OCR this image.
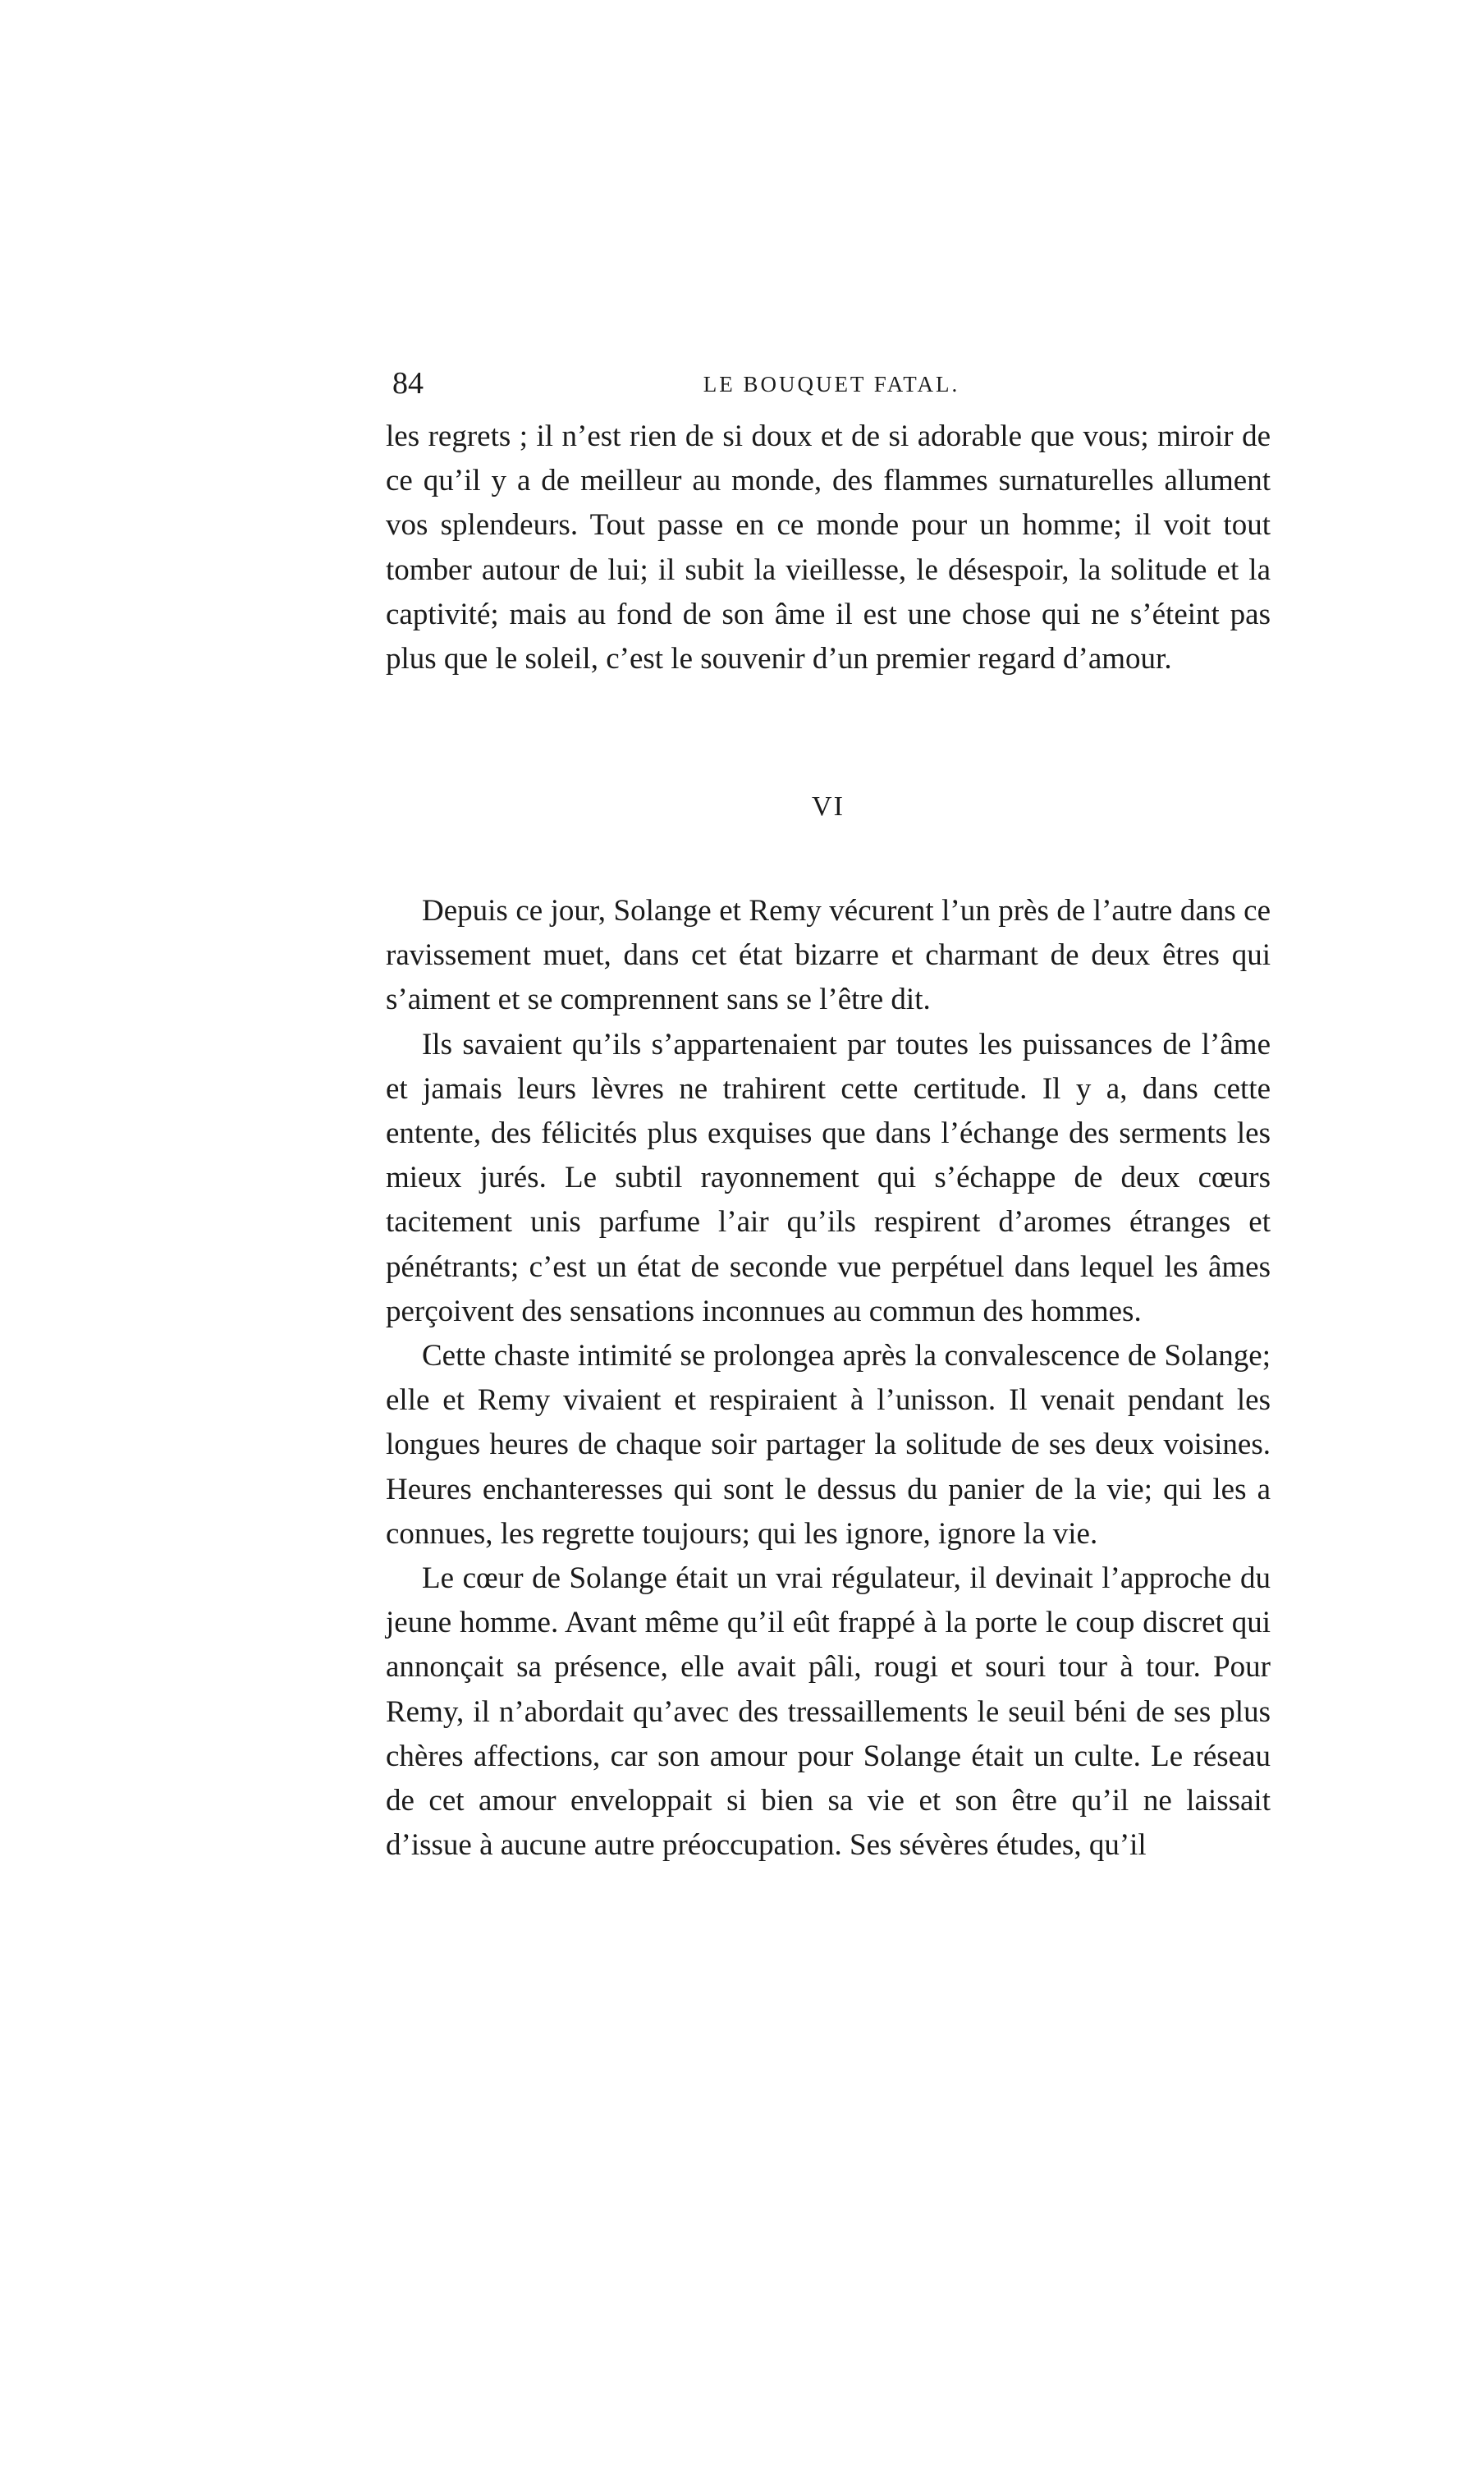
84	LE BOUQUET FATAL.

les regrets ; il n’est rien de si doux et de si adorable que vous; miroir de ce qu’il y a de meilleur au monde, des flammes surnaturelles allument vos splendeurs. Tout passe en ce monde pour un homme; il voit tout tomber autour de lui; il subit la vieillesse, le désespoir, la solitude et la captivité; mais au fond de son âme il est une chose qui ne s’éteint pas plus que le soleil, c’est le souvenir d’un premier regard d’amour.

VI

Depuis ce jour, Solange et Remy vécurent l’un près de l’autre dans ce ravissement muet, dans cet état bizarre et charmant de deux êtres qui s’aiment et se comprennent sans se l’être dit.

Ils savaient qu’ils s’appartenaient par toutes les puissances de l’âme et jamais leurs lèvres ne trahirent cette certitude. Il y a, dans cette entente, des félicités plus exquises que dans l’échange des serments les mieux jurés. Le subtil rayonnement qui s’échappe de deux cœurs tacitement unis parfume l’air qu’ils respirent d’aromes étranges et pénétrants; c’est un état de seconde vue perpétuel dans lequel les âmes perçoivent des sensations inconnues au commun des hommes.

Cette chaste intimité se prolongea après la convalescence de Solange; elle et Remy vivaient et respiraient à l’unisson. Il venait pendant les longues heures de chaque soir partager la solitude de ses deux voisines. Heures enchanteresses qui sont le dessus du panier de la vie; qui les a connues, les regrette toujours; qui les ignore, ignore la vie.

Le cœur de Solange était un vrai régulateur, il devinait l’approche du jeune homme. Avant même qu’il eût frappé à la porte le coup discret qui annonçait sa présence, elle avait pâli, rougi et souri tour à tour. Pour Remy, il n’abordait qu’avec des tressaillements le seuil béni de ses plus chères affections, car son amour pour Solange était un culte. Le réseau de cet amour enveloppait si bien sa vie et son être qu’il ne laissait d’issue à aucune autre préoccupation. Ses sévères études, qu’il
